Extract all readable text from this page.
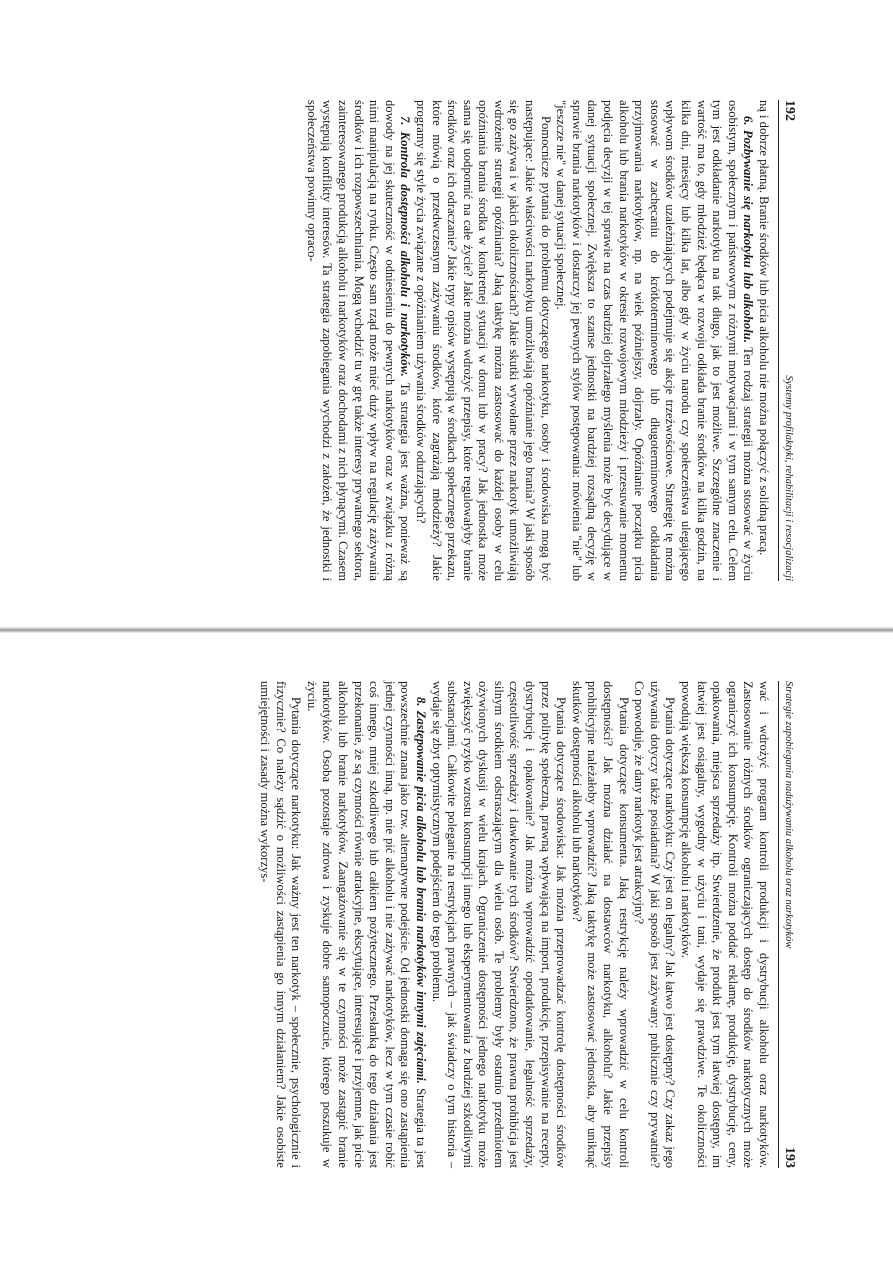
192
Systemy profilaktyki, rehabilitacji i resocjalizacji

ną i dobrze płatną. Branie środków lub picia alkoholu nie można połączyć z solidną pracą.

6. Pozbywanie się narkotyku lub alkoholu. Ten rodzaj strategii można stosować w życiu osobistym, społecznym i państwowym z różnymi motywacjami i w tym samym celu. Celem tym jest odkładanie narkotyku na tak długo, jak to jest możliwe. Szczególne znaczenie i wartość ma to, gdy młodzież będąca w rozwoju odkłada branie środków na kilka godzin, na kilka dni, miesięcy lub kilka lat, albo gdy w życiu narodu czy społeczeństwa ulegającego wpływom środków uzależniających podejmuje się akcje trzeźwościowe. Strategię tę można stosować w zachęcaniu do krótkoterminowego lub długoterminowego odkładania przyjmowania narkotyków, np. na wiek późniejszy, dojrzały. Opóźnianie początku picia alkoholu lub brania narkotyków w okresie rozwojowym młodzieży i przesuwanie momentu podjęcia decyzji w tej sprawie na czas bardziej dojrzałego myślenia może być decydujące w danej sytuacji społecznej. Zwiększa to szanse jednostki na bardziej rozsądną decyzję w sprawie brania narkotyków i dostarczy jej pewnych stylów postępowania: mówienia "nie" lub "jeszcze nie" w danej sytuacji społecznej.

Pomocnicze pytania do problemu dotyczącego narkotyku, osoby i środowiska mogą być następujące: Jakie właściwości narkotyku umożliwiają opóźnianie jego brania? W jaki sposób się go zażywa i w jakich okolicznościach? Jakie skutki wywołane przez narkotyk umożliwiają wdrożenie strategii opóźniania? Jaką taktykę można zastosować do każdej osoby w celu opóźniania brania środka w konkretnej sytuacji w domu lub w pracy? Jak jednostka może sama się uodpornić na całe życie? Jakie można wdrożyć przepisy, które regulowałyby branie środków oraz ich odraczanie? Jakie typy opisów występują w środkach społecznego przekazu, które mówią o przedwczesnym zażywaniu środków, które zagrażają młodzieży? Jakie programy się style życia związane z opóźnianiem używania środków odurzających?

7. Kontrola dostępności alkoholu i narkotyków. Ta strategia jest ważna, ponieważ są dowody na jej skuteczność w odniesieniu do pewnych narkotyków oraz w związku z różną nimi manipulacją na rynku. Często sam rząd może mieć duży wpływ na regulację zażywania środków i ich rozpowszechniania. Mogą wchodzić tu w grę także interesy prywatnego sektora, zainteresowanego produkcją alkoholu i narkotyków oraz dochodami z nich płynącymi. Czasem występują konflikty interesów. Ta strategia zapobiegania wychodzi z założeń, że jednostki i społeczeństwa powinny opraco-

Strategie zapobiegania nadużywaniu alkoholu oraz narkotyków
193

wać i wdrożyć program kontroli produkcji i dystrybucji alkoholu oraz narkotyków. Zastosowanie różnych środków ograniczających dostęp do środków narkotycznych może ograniczyć ich konsumpcję. Kontroli można poddać reklamę, produkcję, dystrybucję, ceny, opakowania, miejsca sprzedaży itp. Stwierdzenie, że produkt jest tym łatwiej dostępny, im łatwiej jest osiągalny, wygodny w użyciu i tani, wydaje się prawdziwe. Te okoliczności powodują większą konsumpcję alkoholu i narkotyków.

Pytania dotyczące narkotyku: Czy jest on legalny? Jak łatwo jest dostępny? Czy zakaz jego używania dotyczy także posiadania? W jaki sposób jest zażywany: publicznie czy prywatnie? Co powoduje, że dany narkotyk jest atrakcyjny?

Pytania dotyczące konsumenta. Jaką restrykcję należy wprowadzić w celu kontroli dostępności? Jak można działać na dostawców narkotyku, alkoholu? Jakie przepisy prohibicyjne należałoby wprowadzić? Jaką taktykę może zastosować jednostka, aby uniknąć skutków dostępności alkoholu lub narkotyków?

Pytania dotyczące środowiska: Jak można przeprowadzać kontrolę dostępności środków przez politykę społeczną, prawną wpływającą na import, produkcję, przepisywanie na recepty, dystrybucję i opakowanie? Jak można wprowadzić opodatkowanie, legalność sprzedaży, częstotliwość sprzedaży i dawkowanie tych środków? Stwierdzono, że prawna prohibicja jest silnym środkiem odstraszającym dla wielu osób. Te problemy były ostatnio przedmiotem ożywionych dyskusji w wielu krajach. Ograniczenie dostępności jednego narkotyku może zwiększyć ryzyko wzrostu konsumpcji innego lub eksperymentowania z bardziej szkodliwymi substancjami. Całkowite poleganie na restrykcjach prawnych – jak świadczy o tym historia – wydaje się zbyt optymistycznym podejściem do tego problemu.

8. Zastępowanie picia alkoholu lub brania narkotyków innymi zajęciami. Strategia ta jest powszechnie znana jako tzw. alternatywne podejście. Od jednostki domaga się ono zastąpienia jednej czynności inną, np. nie pić alkoholu i nie zażywać narkotyków, lecz w tym czasie robić coś innego, mniej szkodliwego lub całkiem pożytecznego. Przesłanką do tego działania jest przekonanie, że są czynności równie atrakcyjne, ekscytujące, interesujące i przyjemne, jak picie alkoholu lub branie narkotyków. Zaangażowanie się w te czynności może zastąpić branie narkotyków. Osoba pozostaje zdrowa i zyskuje dobre samopoczucie, którego poszukuje w życiu.

Pytania dotyczące narkotyku: Jak ważny jest ten narkotyk – społecznie, psychologicznie i fizycznie? Co należy sądzić o możliwości zastąpienia go innym działaniem? Jakie osobiste umiejętności i zasady można wykorzys-
